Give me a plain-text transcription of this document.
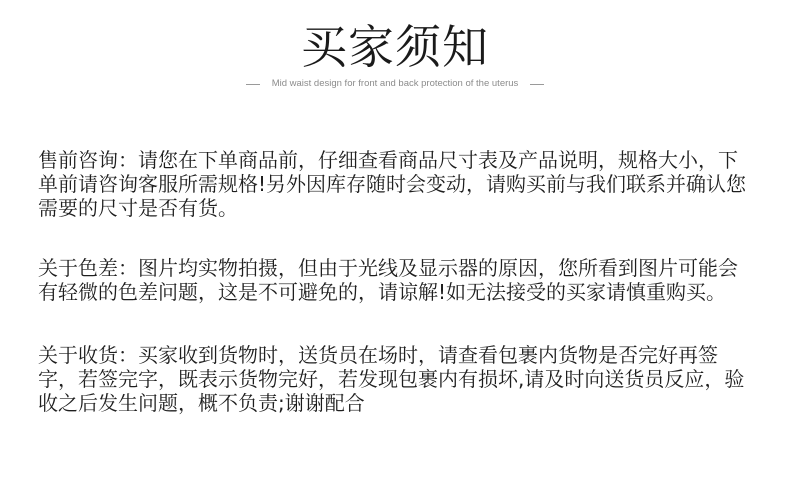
买家须知
Mid waist design for front and back protection of the uterus

售前咨询：请您在下单商品前，仔细查看商品尺寸表及产品说明，规格大小，下单前请咨询客服所需规格!另外因库存随时会变动，请购买前与我们联系并确认您需要的尺寸是否有货。

关于色差：图片均实物拍摄，但由于光线及显示器的原因，您所看到图片可能会有轻微的色差问题，这是不可避免的，请谅解!如无法接受的买家请慎重购买。

关于收货：买家收到货物时，送货员在场时，请查看包裹内货物是否完好再签字，若签完字，既表示货物完好，若发现包裹内有损坏,请及时向送货员反应，验收之后发生问题，概不负责;谢谢配合
